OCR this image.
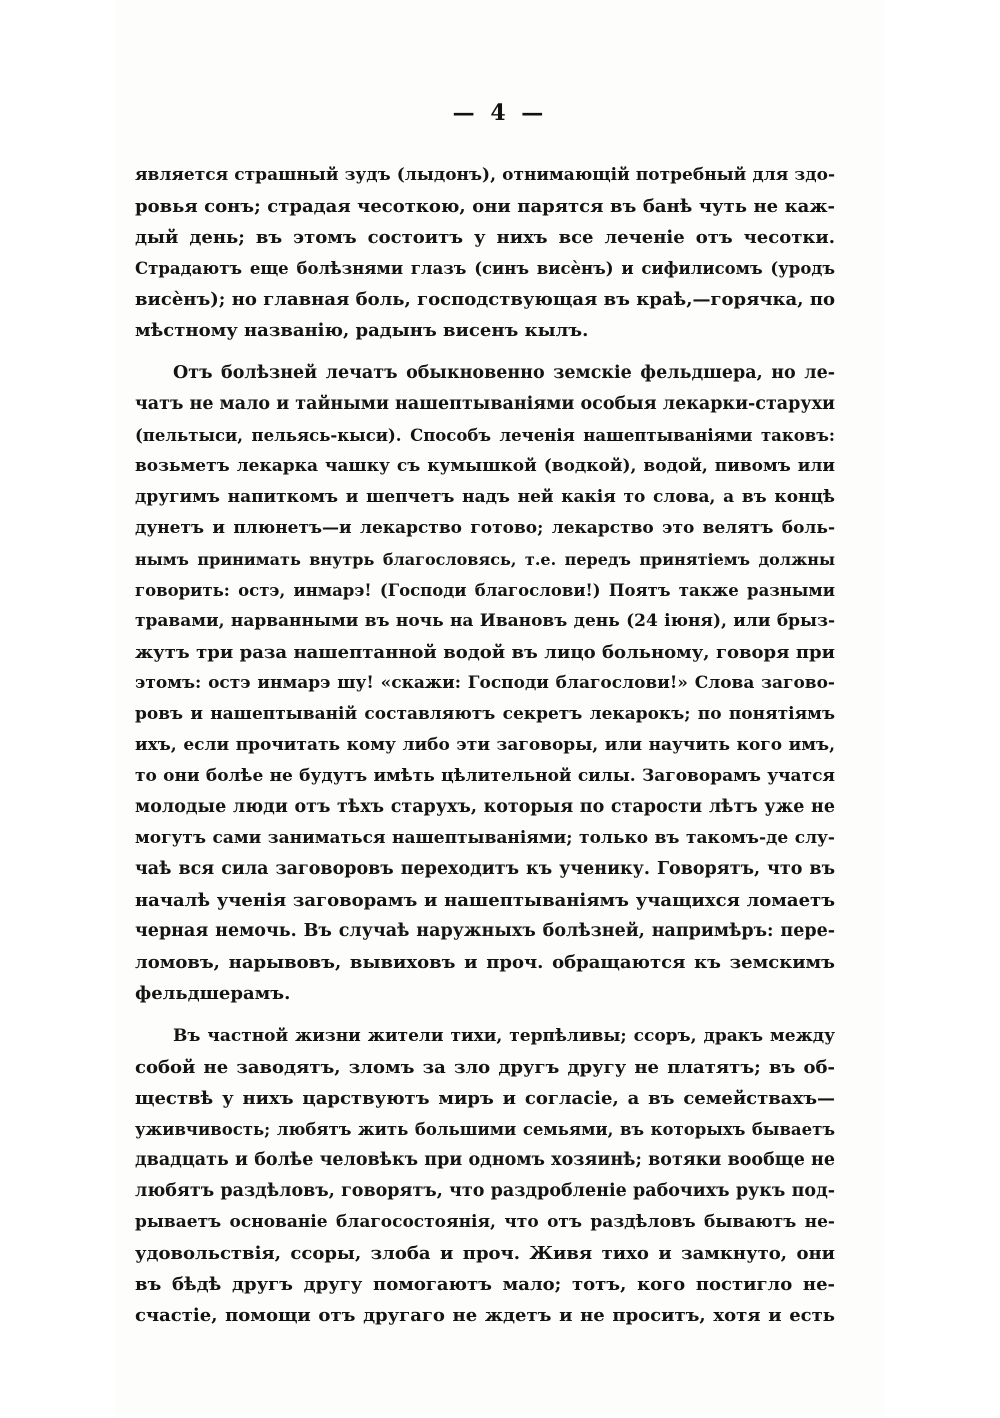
— 4 —
является страшный зудъ (лыдонъ), отнимающій потребный для здо-
ровья сонъ; страдая чесоткою, они парятся въ банѣ чуть не каж-
дый день; въ этомъ состоитъ у нихъ все леченіе отъ чесотки.
Страдаютъ еще болѣзнями глазъ (синъ висѐнъ) и сифилисомъ (уродъ
висѐнъ); но главная боль, господствующая въ краѣ,—горячка, по
мѣстному названію, радынъ висенъ кылъ.
Отъ болѣзней лечатъ обыкновенно земскіе фельдшера, но ле-
чатъ не мало и тайными нашептываніями особыя лекарки-старухи
(пельтыси, пельясь-кыси). Способъ леченія нашептываніями таковъ:
возьметъ лекарка чашку съ кумышкой (водкой), водой, пивомъ или
другимъ напиткомъ и шепчетъ надъ ней какія то слова, а въ концѣ
дунетъ и плюнетъ—и лекарство готово; лекарство это велятъ боль-
нымъ принимать внутрь благословясь, т.е. передъ принятіемъ должны
говорить: остэ, инмарэ! (Господи благослови!) Поятъ также разными
травами, нарванными въ ночь на Ивановъ день (24 іюня), или брыз-
жутъ три раза нашептанной водой въ лицо больному, говоря при
этомъ: остэ инмарэ шу! «скажи: Господи благослови!» Слова загово-
ровъ и нашептываній составляютъ секретъ лекарокъ; по понятіямъ
ихъ, если прочитать кому либо эти заговоры, или научить кого имъ,
то они болѣе не будутъ имѣть цѣлительной силы. Заговорамъ учатся
молодые люди отъ тѣхъ старухъ, которыя по старости лѣтъ уже не
могутъ сами заниматься нашептываніями; только въ такомъ-де слу-
чаѣ вся сила заговоровъ переходитъ къ ученику. Говорятъ, что въ
началѣ ученія заговорамъ и нашептываніямъ учащихся ломаетъ
черная немочь. Въ случаѣ наружныхъ болѣзней, напримѣръ: пере-
ломовъ, нарывовъ, вывиховъ и проч. обращаются къ земскимъ
фельдшерамъ.
Въ частной жизни жители тихи, терпѣливы; ссоръ, дракъ между
собой не заводятъ, зломъ за зло другъ другу не платятъ; въ об-
ществѣ у нихъ царствуютъ миръ и согласіе, а въ семействахъ—
уживчивость; любятъ жить большими семьями, въ которыхъ бываетъ
двадцать и болѣе человѣкъ при одномъ хозяинѣ; вотяки вообще не
любятъ раздѣловъ, говорятъ, что раздробленіе рабочихъ рукъ под-
рываетъ основаніе благосостоянія, что отъ раздѣловъ бываютъ не-
удовольствія, ссоры, злоба и проч. Живя тихо и замкнуто, они
въ бѣдѣ другъ другу помогаютъ мало; тотъ, кого постигло не-
счастіе, помощи отъ другаго не ждетъ и не проситъ, хотя и есть
